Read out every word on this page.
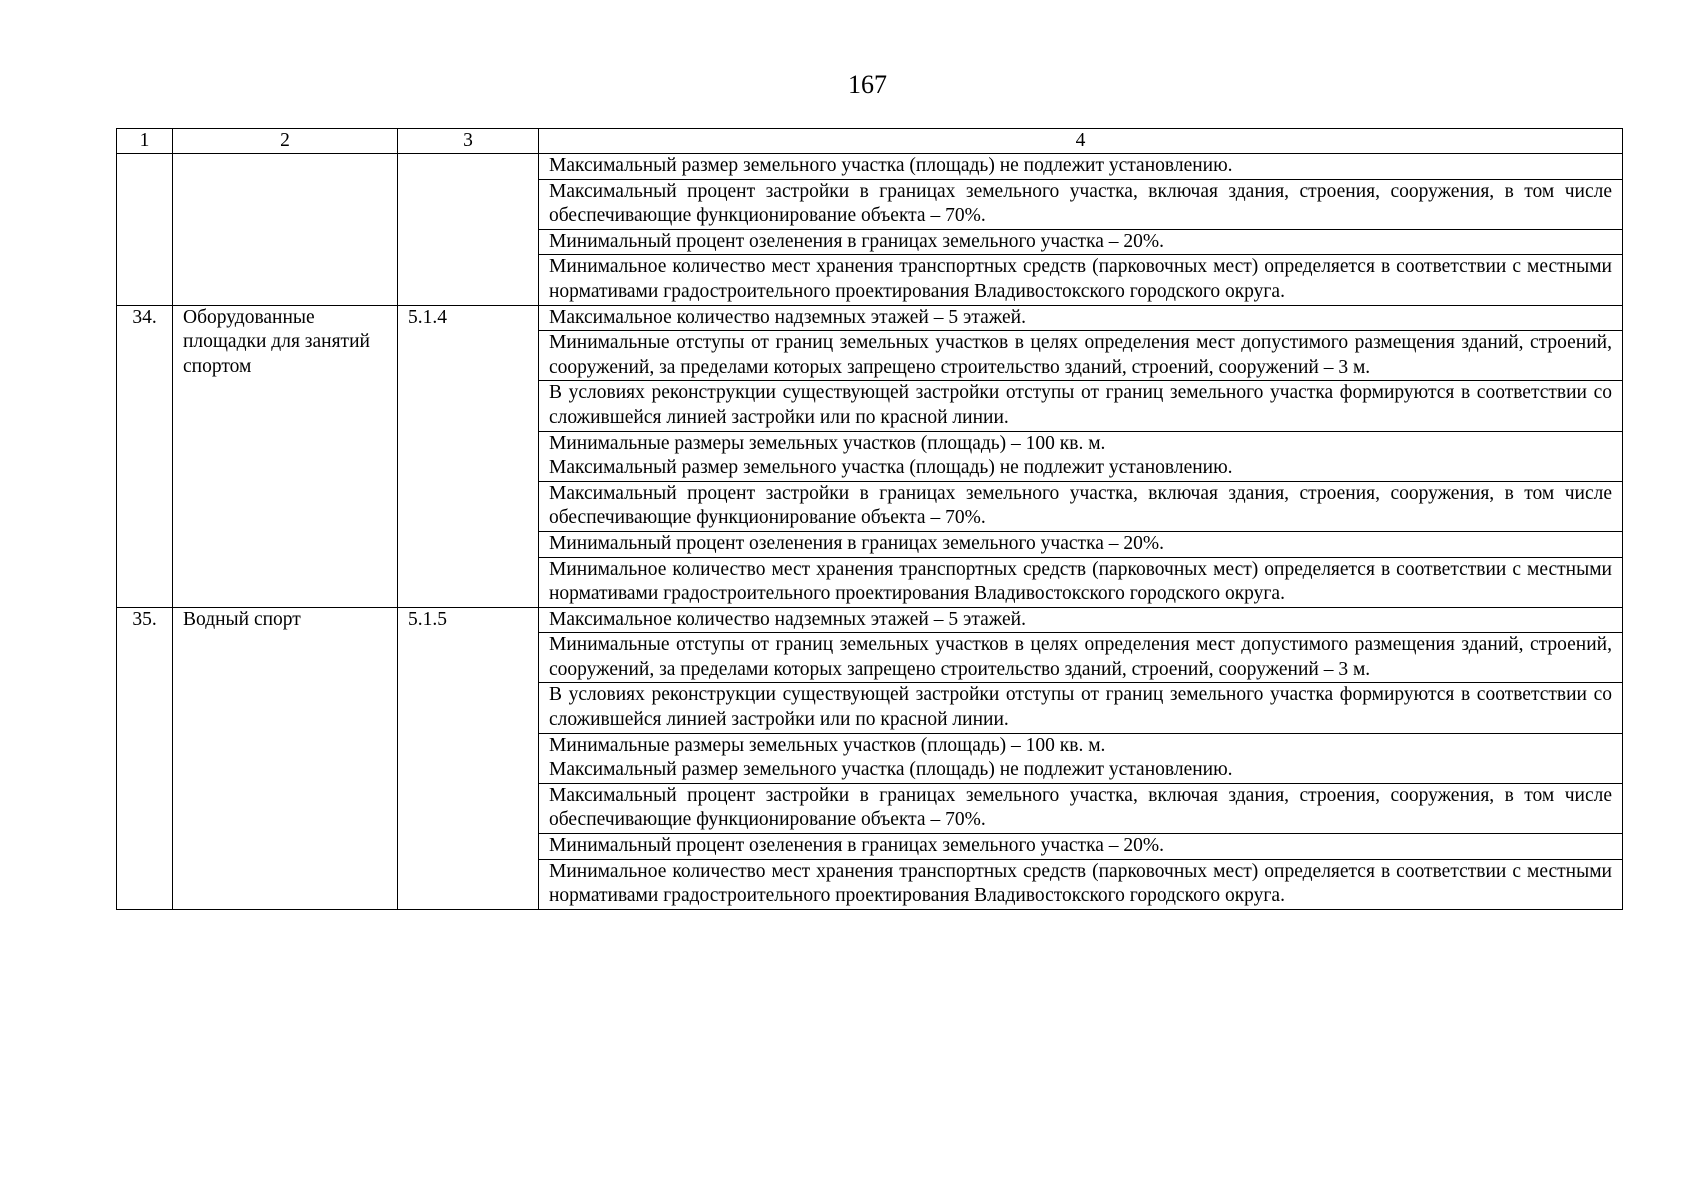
167
1	2	3	4

			Максимальный размер земельного участка (площадь) не подлежит установлению.

			Максимальный процент застройки в границах земельного участка, включая здания, строения, сооружения, в том числе обеспечивающие функционирование объекта – 70%.

			Минимальный процент озеленения в границах земельного участка – 20%.

			Минимальное количество мест хранения транспортных средств (парковочных мест) определяется в соответствии с местными нормативами градостроительного проектирования Владивостокского городского округа.

34.	Оборудованные площадки для занятий спортом	5.1.4	Максимальное количество надземных этажей – 5 этажей.

			Минимальные отступы от границ земельных участков в целях определения мест допустимого размещения зданий, строений, сооружений, за пределами которых запрещено строительство зданий, строений, сооружений – 3 м.

			В условиях реконструкции существующей застройки отступы от границ земельного участка формируются в соответствии со сложившейся линией застройки или по красной линии.

			Минимальные размеры земельных участков (площадь) – 100 кв. м.
Максимальный размер земельного участка (площадь) не подлежит установлению.

			Максимальный процент застройки в границах земельного участка, включая здания, строения, сооружения, в том числе обеспечивающие функционирование объекта – 70%.

			Минимальный процент озеленения в границах земельного участка – 20%.

			Минимальное количество мест хранения транспортных средств (парковочных мест) определяется в соответствии с местными нормативами градостроительного проектирования Владивостокского городского округа.

35.	Водный спорт	5.1.5	Максимальное количество надземных этажей – 5 этажей.

			Минимальные отступы от границ земельных участков в целях определения мест допустимого размещения зданий, строений, сооружений, за пределами которых запрещено строительство зданий, строений, сооружений – 3 м.

			В условиях реконструкции существующей застройки отступы от границ земельного участка формируются в соответствии со сложившейся линией застройки или по красной линии.

			Минимальные размеры земельных участков (площадь) – 100 кв. м.
Максимальный размер земельного участка (площадь) не подлежит установлению.

			Максимальный процент застройки в границах земельного участка, включая здания, строения, сооружения, в том числе обеспечивающие функционирование объекта – 70%.

			Минимальный процент озеленения в границах земельного участка – 20%.

			Минимальное количество мест хранения транспортных средств (парковочных мест) определяется в соответствии с местными нормативами градостроительного проектирования Владивостокского городского округа.
